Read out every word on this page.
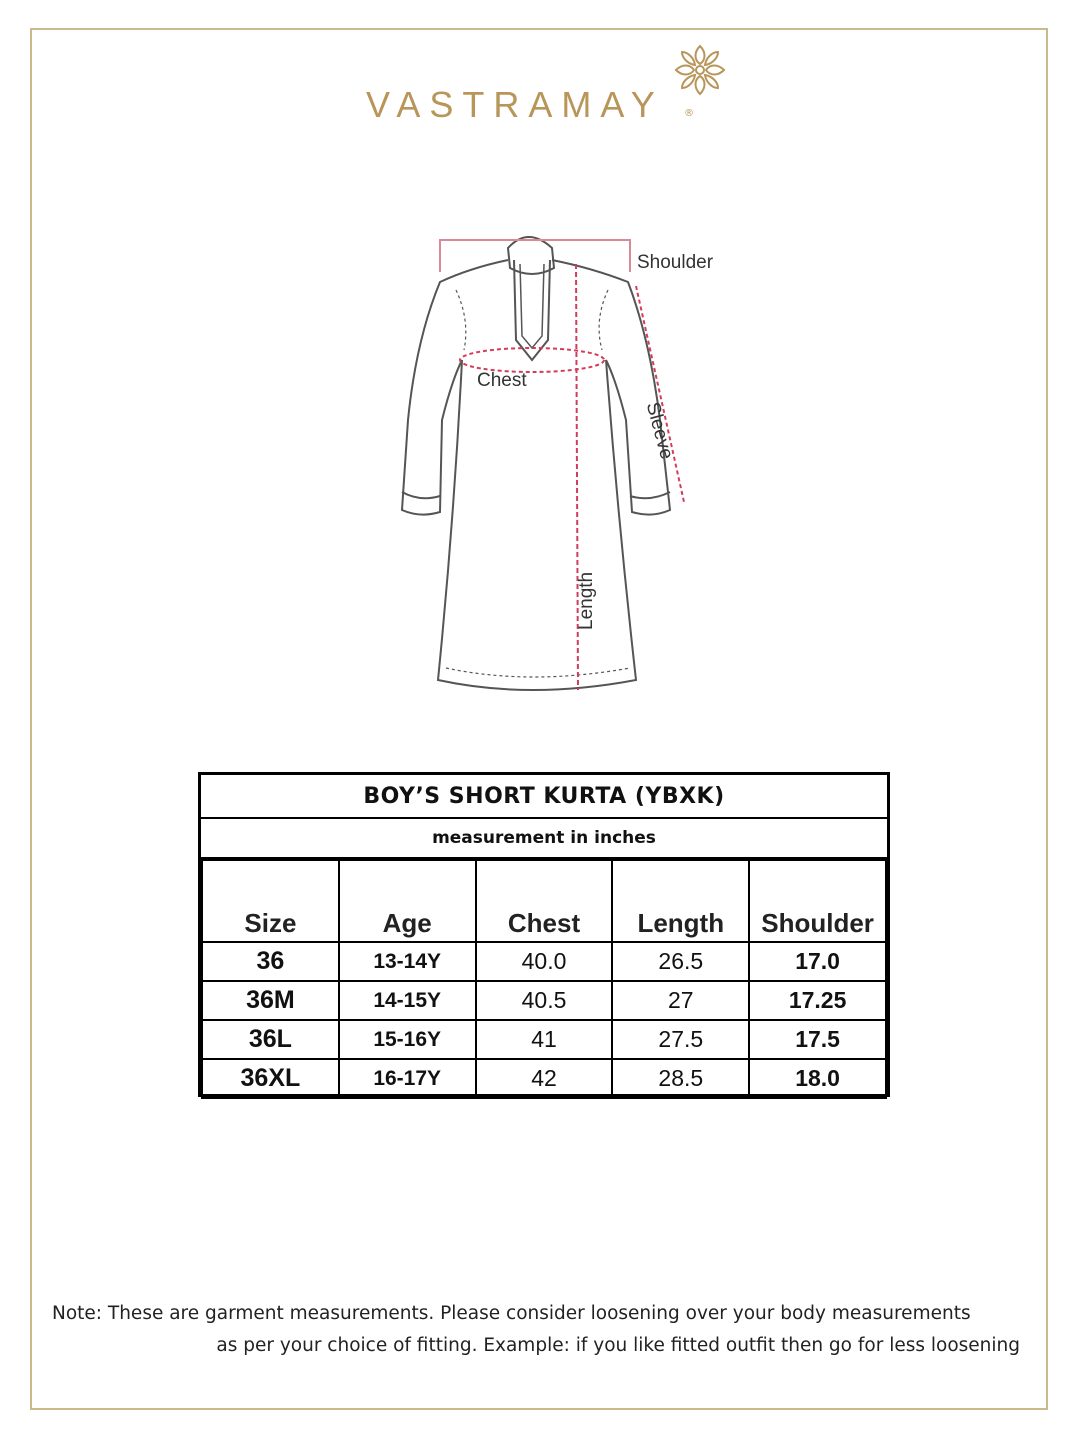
VASTRAMAY ®
Shoulder
Chest
Sleeve
Length
BOY’S SHORT KURTA (YBXK)
measurement in inches
Size	Age	Chest	Length	Shoulder
36	13-14Y	40.0	26.5	17.0
36M	14-15Y	40.5	27	17.25
36L	15-16Y	41	27.5	17.5
36XL	16-17Y	42	28.5	18.0
Note: These are garment measurements. Please consider loosening over your body measurements
as per your choice of fitting. Example: if you like fitted outfit then go for less loosening
